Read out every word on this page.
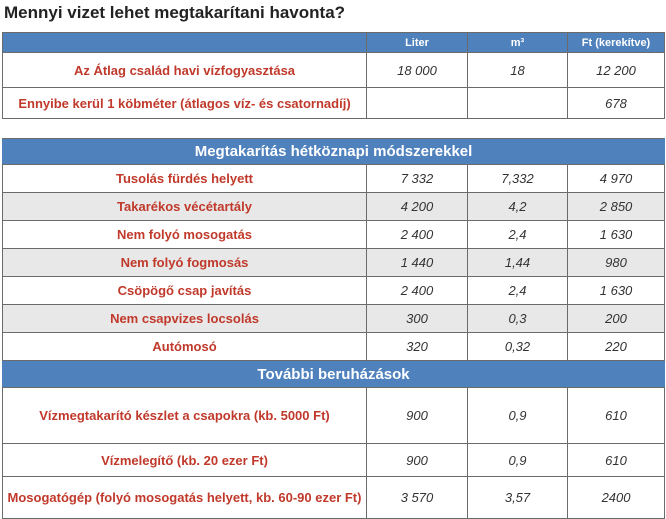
Mennyi vizet lehet megtakarítani havonta?
	Liter	m³	Ft (kerekítve)
Az Átlag család havi vízfogyasztása	18 000	18	12 200
Ennyibe kerül 1 köbméter (átlagos víz- és csatornadíj)			678
Megtakarítás hétköznapi módszerekkel			
Tusolás fürdés helyett	7 332	7,332	4 970
Takarékos vécétartály	4 200	4,2	2 850
Nem folyó mosogatás	2 400	2,4	1 630
Nem folyó fogmosás	1 440	1,44	980
Csöpögő csap javítás	2 400	2,4	1 630
Nem csapvizes locsolás	300	0,3	200
Autómosó	320	0,32	220
További beruházások			
Vízmegtakarító készlet a csapokra (kb. 5000 Ft)	900	0,9	610
Vízmelegítő (kb. 20 ezer Ft)	900	0,9	610
Mosogatógép (folyó mosogatás helyett, kb. 60-90 ezer Ft)	3 570	3,57	2400
